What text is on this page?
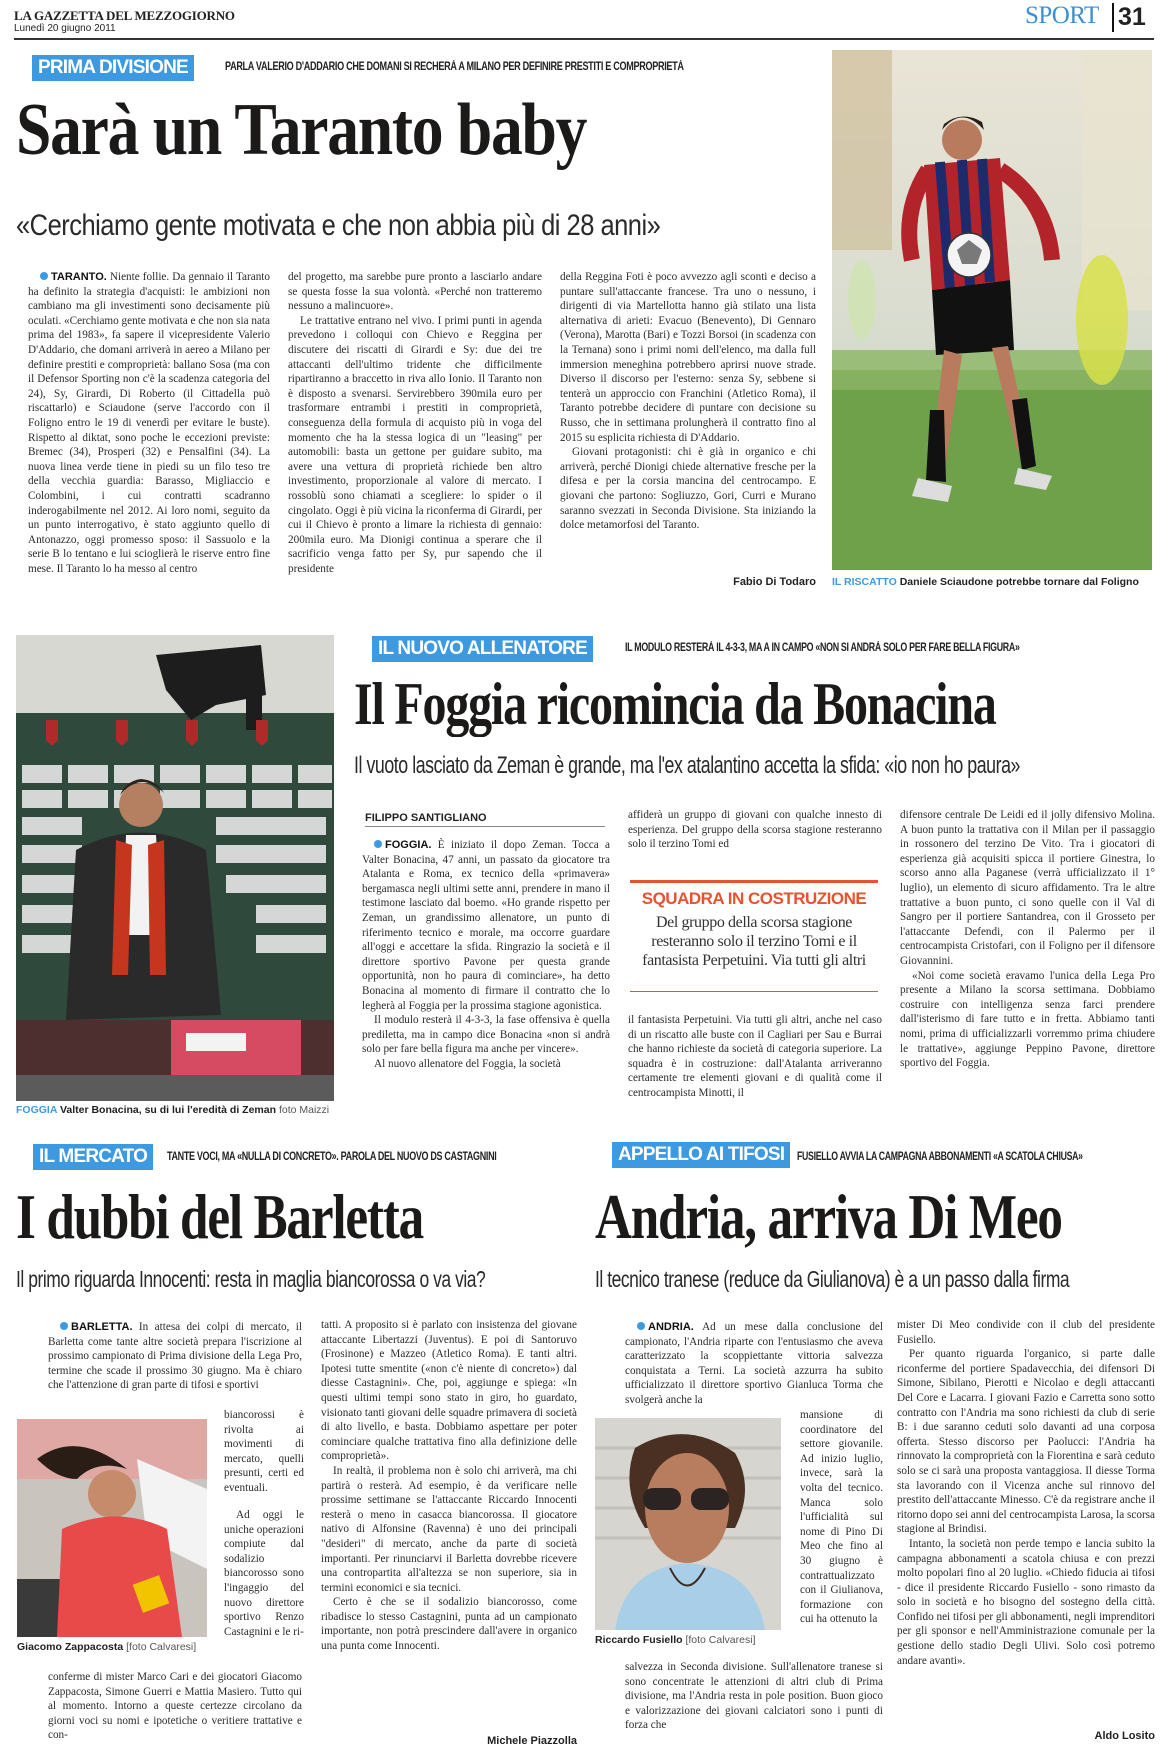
LA GAZZETTA DEL MEZZOGIORNO
Lunedì 20 giugno 2011	SPORT 31
PRIMA DIVISIONE	PARLA VALERIO D'ADDARIO CHE DOMANI SI RECHERÀ A MILANO PER DEFINIRE PRESTITI E COMPROPRIETÀ
Sarà un Taranto baby
«Cerchiamo gente motivata e che non abbia più di 28 anni»

TARANTO. Niente follie. Da gennaio il Taranto ha definito la strategia d'acquisti: le ambizioni non cambiano ma gli investimenti sono decisamente più oculati. «Cerchiamo gente motivata e che non sia nata prima del 1983», fa sapere il vicepresidente Valerio D'Addario, che domani arriverà in aereo a Milano per definire prestiti e comproprietà: ballano Sosa (ma con il Defensor Sporting non c'è la scadenza categoria del 24), Sy, Girardi, Di Roberto (il Cittadella può riscattarlo) e Sciaudone (serve l'accordo con il Foligno entro le 19 di venerdì per evitare le buste). Rispetto al diktat, sono poche le eccezioni previste: Bremec (34), Prosperi (32) e Pensalfini (34). La nuova linea verde tiene in piedi su un filo teso tre della vecchia guardia: Barasso, Migliaccio e Colombini, i cui contratti scadranno inderogabilmente nel 2012. Ai loro nomi, seguito da un punto interrogativo, è stato aggiunto quello di Antonazzo, oggi promesso sposo: il Sassuolo e la serie B lo tentano e lui scioglierà le riserve entro fine mese. Il Taranto lo ha messo al centro

del progetto, ma sarebbe pure pronto a lasciarlo andare se questa fosse la sua volontà. «Perché non tratteremo nessuno a malincuore».

Le trattative entrano nel vivo. I primi punti in agenda prevedono i colloqui con Chievo e Reggina per discutere dei riscatti di Girardi e Sy: due dei tre attaccanti dell'ultimo tridente che difficilmente ripartiranno a braccetto in riva allo Ionio. Il Taranto non è disposto a svenarsi. Servirebbero 390mila euro per trasformare entrambi i prestiti in comproprietà, conseguenza della formula di acquisto più in voga del momento che ha la stessa logica di un "leasing" per automobili: basta un gettone per guidare subito, ma avere una vettura di proprietà richiede ben altro investimento, proporzionale al valore di mercato. I rossoblù sono chiamati a scegliere: lo spider o il cingolato. Oggi è più vicina la riconferma di Girardi, per cui il Chievo è pronto a limare la richiesta di gennaio: 200mila euro. Ma Dionigi continua a sperare che il sacrificio venga fatto per Sy, pur sapendo che il presidente

della Reggina Foti è poco avvezzo agli sconti e deciso a puntare sull'attaccante francese. Tra uno o nessuno, i dirigenti di via Martellotta hanno già stilato una lista alternativa di arieti: Evacuo (Benevento), Di Gennaro (Verona), Marotta (Bari) e Tozzi Borsoi (in scadenza con la Ternana) sono i primi nomi dell'elenco, ma dalla full immersion meneghina potrebbero aprirsi nuove strade. Diverso il discorso per l'esterno: senza Sy, sebbene si tenterà un approccio con Franchini (Atletico Roma), il Taranto potrebbe decidere di puntare con decisione su Russo, che in settimana prolungherà il contratto fino al 2015 su esplicita richiesta di D'Addario.

Giovani protagonisti: chi è già in organico e chi arriverà, perché Dionigi chiede alternative fresche per la difesa e per la corsia mancina del centrocampo. E giovani che partono: Sogliuzzo, Gori, Curri e Murano saranno svezzati in Seconda Divisione. Sta iniziando la dolce metamorfosi del Taranto.

Fabio Di Todaro IL RISCATTO Daniele Sciaudone potrebbe tornare dal Foligno
FOGGIA Valter Bonacina, su di lui l'eredità di Zeman foto Maizzi
IL NUOVO ALLENATORE	IL MODULO RESTERÀ IL 4-3-3, MA A IN CAMPO «NON SI ANDRÀ SOLO PER FARE BELLA FIGURA»
Il Foggia ricomincia da Bonacina
Il vuoto lasciato da Zeman è grande, ma l'ex atalantino accetta la sfida: «io non ho paura»
FILIPPO SANTIGLIANO

FOGGIA. È iniziato il dopo Zeman. Tocca a Valter Bonacina, 47 anni, un passato da giocatore tra Atalanta e Roma, ex tecnico della «primavera» bergamasca negli ultimi sette anni, prendere in mano il testimone lasciato dal boemo. «Ho grande rispetto per Zeman, un grandissimo allenatore, un punto di riferimento tecnico e morale, ma occorre guardare all'oggi e accettare la sfida. Ringrazio la società e il direttore sportivo Pavone per questa grande opportunità, non ho paura di cominciare», ha detto Bonacina al momento di firmare il contratto che lo legherà al Foggia per la prossima stagione agonistica.

Il modulo resterà il 4-3-3, la fase offensiva è quella prediletta, ma in campo dice Bonacina «non si andrà solo per fare bella figura ma anche per vincere».

Al nuovo allenatore del Foggia, la società

affiderà un gruppo di giovani con qualche innesto di esperienza. Del gruppo della scorsa stagione resteranno solo il terzino Tomi ed

SQUADRA IN COSTRUZIONE
Del gruppo della scorsa stagione resteranno solo il terzino Tomi e il fantasista Perpetuini. Via tutti gli altri

il fantasista Perpetuini. Via tutti gli altri, anche nel caso di un riscatto alle buste con il Cagliari per Sau e Burrai che hanno richieste da società di categoria superiore. La squadra è in costruzione: dall'Atalanta arriveranno certamente tre elementi giovani e di qualità come il centrocampista Minotti, il

difensore centrale De Leidi ed il jolly difensivo Molina. A buon punto la trattativa con il Milan per il passaggio in rossonero del terzino De Vito. Tra i giocatori di esperienza già acquisiti spicca il portiere Ginestra, lo scorso anno alla Paganese (verrà ufficializzato il 1° luglio), un elemento di sicuro affidamento. Tra le altre trattative a buon punto, ci sono quelle con il Val di Sangro per il portiere Santandrea, con il Grosseto per l'attaccante Defendi, con il Palermo per il centrocampista Cristofari, con il Foligno per il difensore Giovannini.

«Noi come società eravamo l'unica della Lega Pro presente a Milano la scorsa settimana. Dobbiamo costruire con intelligenza senza farci prendere dall'isterismo di fare tutto e in fretta. Abbiamo tanti nomi, prima di ufficializzarli vorremmo prima chiudere le trattative», aggiunge Peppino Pavone, direttore sportivo del Foggia.

IL MERCATO	TANTE VOCI, MA «NULLA DI CONCRETO». PAROLA DEL NUOVO DS CASTAGNINI
I dubbi del Barletta
Il primo riguarda Innocenti: resta in maglia biancorossa o va via?

BARLETTA. In attesa dei colpi di mercato, il Barletta come tante altre società prepara l'iscrizione al prossimo campionato di Prima divisione della Lega Pro, termine che scade il prossimo 30 giugno. Ma è chiaro che l'attenzione di gran parte di tifosi e sportivi

Giacomo Zappacosta [foto Calvaresi]

biancorossi è rivolta ai movimenti di mercato, quelli presunti, certi ed eventuali.

Ad oggi le uniche operazioni compiute dal sodalizio biancorosso sono l'ingaggio del nuovo direttore sportivo Renzo Castagnini e le ri-

conferme di mister Marco Cari e dei giocatori Giacomo Zappacosta, Simone Guerri e Mattia Masiero. Tutto qui al momento. Intorno a queste certezze circolano da giorni voci su nomi e ipotetiche o veritiere trattative e con-

tatti. A proposito si è parlato con insistenza del giovane attaccante Libertazzi (Juventus). E poi di Santoruvo (Frosinone) e Mazzeo (Atletico Roma). E tanti altri. Ipotesi tutte smentite («non c'è niente di concreto») dal diesse Castagnini». Che, poi, aggiunge e spiega: «In questi ultimi tempi sono stato in giro, ho guardato, visionato tanti giovani delle squadre primavera di società di alto livello, e basta. Dobbiamo aspettare per poter cominciare qualche trattativa fino alla definizione delle comproprietà».

In realtà, il problema non è solo chi arriverà, ma chi partirà o resterà. Ad esempio, è da verificare nelle prossime settimane se l'attaccante Riccardo Innocenti resterà o meno in casacca biancorossa. Il giocatore nativo di Alfonsine (Ravenna) è uno dei principali "desideri" di mercato, anche da parte di società importanti. Per rinunciarvi il Barletta dovrebbe ricevere una contropartita all'altezza se non superiore, sia in termini economici e sia tecnici.

Certo è che se il sodalizio biancorosso, come ribadisce lo stesso Castagnini, punta ad un campionato importante, non potrà prescindere dall'avere in organico una punta come Innocenti.

Michele Piazzolla
APPELLO AI TIFOSI	FUSIELLO AVVIA LA CAMPAGNA ABBONAMENTI «A SCATOLA CHIUSA»
Andria, arriva Di Meo
Il tecnico tranese (reduce da Giulianova) è a un passo dalla firma

ANDRIA. Ad un mese dalla conclusione del campionato, l'Andria riparte con l'entusiasmo che aveva caratterizzato la scoppiettante vittoria salvezza conquistata a Terni. La società azzurra ha subito ufficializzato il direttore sportivo Gianluca Torma che svolgerà anche la

Riccardo Fusiello [foto Calvaresi]

mansione di coordinatore del settore giovanile. Ad inizio luglio, invece, sarà la volta del tecnico. Manca solo l'ufficialità sul nome di Pino Di Meo che fino al 30 giugno è contrattualizzato con il Giulianova, formazione con cui ha ottenuto la

salvezza in Seconda divisione. Sull'allenatore tranese si sono concentrate le attenzioni di altri club di Prima divisione, ma l'Andria resta in pole position. Buon gioco e valorizzazione dei giovani calciatori sono i punti di forza che

mister Di Meo condivide con il club del presidente Fusiello.

Per quanto riguarda l'organico, si parte dalle riconferme del portiere Spadavecchia, dei difensori Di Simone, Sibilano, Pierotti e Nicolao e degli attaccanti Del Core e Lacarra. I giovani Fazio e Carretta sono sotto contratto con l'Andria ma sono richiesti da club di serie B: i due saranno ceduti solo davanti ad una corposa offerta. Stesso discorso per Paolucci: l'Andria ha rinnovato la comproprietà con la Fiorentina e sarà ceduto solo se ci sarà una proposta vantaggiosa. Il diesse Torma sta lavorando con il Vicenza anche sul rinnovo del prestito dell'attaccante Minesso. C'è da registrare anche il ritorno dopo sei anni del centrocampista Larosa, la scorsa stagione al Brindisi.

Intanto, la società non perde tempo e lancia subito la campagna abbonamenti a scatola chiusa e con prezzi molto popolari fino al 20 luglio. «Chiedo fiducia ai tifosi - dice il presidente Riccardo Fusiello - sono rimasto da solo in società e ho bisogno del sostegno della città. Confido nei tifosi per gli abbonamenti, negli imprenditori per gli sponsor e nell'Amministrazione comunale per la gestione dello stadio Degli Ulivi. Solo così potremo andare avanti».

Aldo Losito
